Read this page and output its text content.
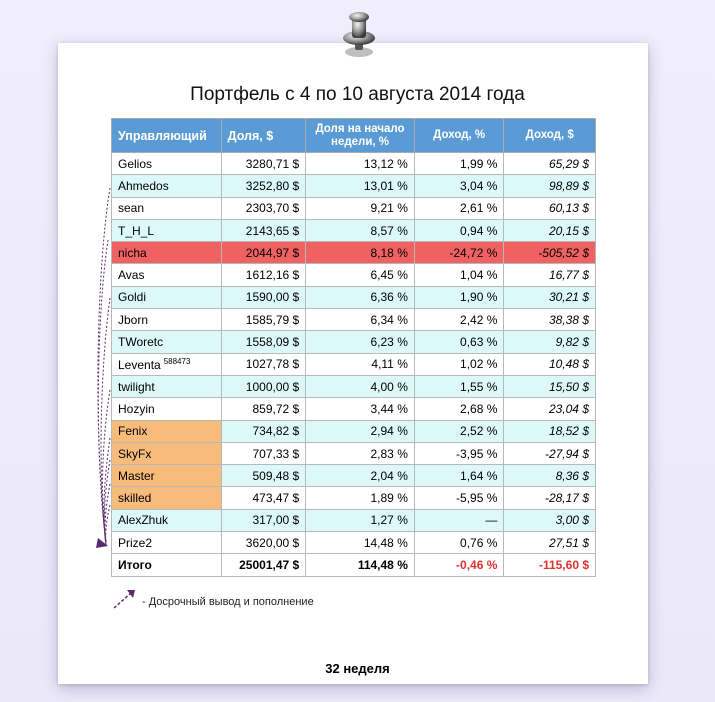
Портфель с 4 по 10 августа 2014 года
Управляющий	Доля, $	Доля на начало недели, %	Доход, %	Доход, $
Gelios	3280,71 $	13,12 %	1,99 %	65,29 $
Ahmedos	3252,80 $	13,01 %	3,04 %	98,89 $
sean	2303,70 $	9,21 %	2,61 %	60,13 $
T_H_L	2143,65 $	8,57 %	0,94 %	20,15 $
nicha	2044,97 $	8,18 %	-24,72 %	-505,52 $
Avas	1612,16 $	6,45 %	1,04 %	16,77 $
Goldi	1590,00 $	6,36 %	1,90 %	30,21 $
Jborn	1585,79 $	6,34 %	2,42 %	38,38 $
TWoretc	1558,09 $	6,23 %	0,63 %	9,82 $
Leventa $^{588473}$	1027,78 $	4,11 %	1,02 %	10,48 $
twilight	1000,00 $	4,00 %	1,55 %	15,50 $
Hozyin	859,72 $	3,44 %	2,68 %	23,04 $
Fenix	734,82 $	2,94 %	2,52 %	18,52 $
SkyFx	707,33 $	2,83 %	-3,95 %	-27,94 $
Master	509,48 $	2,04 %	1,64 %	8,36 $
skilled	473,47 $	1,89 %	-5,95 %	-28,17 $
AlexZhuk	317,00 $	1,27 %	—	3,00 $
Prize2	3620,00 $	14,48 %	0,76 %	27,51 $
Итого	25001,47 $	114,48 %	-0,46 %	-115,60 $
- Досрочный вывод и пополнение
32 неделя
